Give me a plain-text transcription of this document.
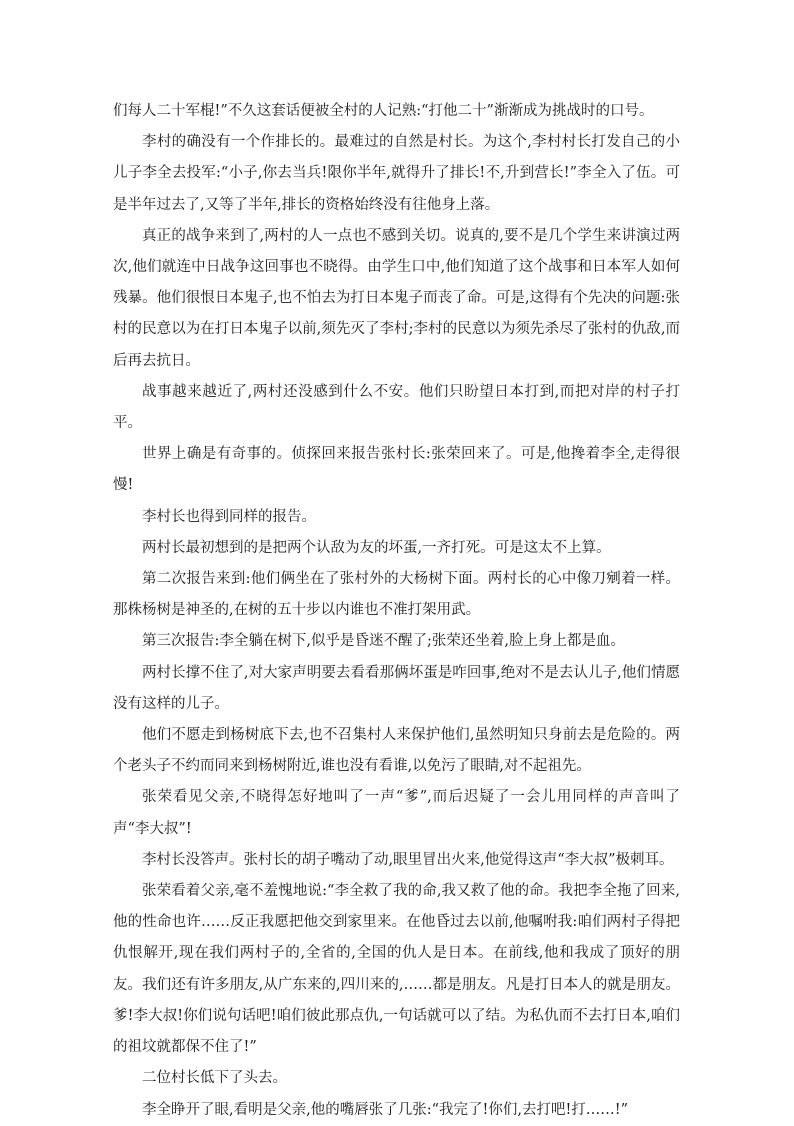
们每人二十军棍!”不久这套话便被全村的人记熟:“打他二十”渐渐成为挑战时的口号。

李村的确没有一个作排长的。最难过的自然是村长。为这个,李村村长打发自己的小儿子李全去投军:“小子,你去当兵!限你半年,就得升了排长!不,升到营长!”李全入了伍。可是半年过去了,又等了半年,排长的资格始终没有往他身上落。

真正的战争来到了,两村的人一点也不感到关切。说真的,要不是几个学生来讲演过两次,他们就连中日战争这回事也不晓得。由学生口中,他们知道了这个战事和日本军人如何残暴。他们很恨日本鬼子,也不怕去为打日本鬼子而丧了命。可是,这得有个先决的问题:张村的民意以为在打日本鬼子以前,须先灭了李村;李村的民意以为须先杀尽了张村的仇敌,而后再去抗日。

战事越来越近了,两村还没感到什么不安。他们只盼望日本打到,而把对岸的村子打平。

世界上确是有奇事的。侦探回来报告张村长:张荣回来了。可是,他搀着李全,走得很慢!

李村长也得到同样的报告。

两村长最初想到的是把两个认敌为友的坏蛋,一齐打死。可是这太不上算。

第二次报告来到:他们俩坐在了张村外的大杨树下面。两村长的心中像刀剜着一样。那株杨树是神圣的,在树的五十步以内谁也不准打架用武。

第三次报告:李全躺在树下,似乎是昏迷不醒了;张荣还坐着,脸上身上都是血。

两村长撑不住了,对大家声明要去看看那俩坏蛋是咋回事,绝对不是去认儿子,他们情愿没有这样的儿子。

他们不愿走到杨树底下去,也不召集村人来保护他们,虽然明知只身前去是危险的。两个老头子不约而同来到杨树附近,谁也没有看谁,以免污了眼睛,对不起祖先。

张荣看见父亲,不晓得怎好地叫了一声“爹”,而后迟疑了一会儿用同样的声音叫了声“李大叔”!

李村长没答声。张村长的胡子嘴动了动,眼里冒出火来,他觉得这声“李大叔”极刺耳。

张荣看着父亲,毫不羞愧地说:“李全救了我的命,我又救了他的命。我把李全拖了回来,他的性命也许……反正我愿把他交到家里来。在他昏过去以前,他嘱咐我:咱们两村子得把仇恨解开,现在我们两村子的,全省的,全国的仇人是日本。在前线,他和我成了顶好的朋友。我们还有许多朋友,从广东来的,四川来的,……都是朋友。凡是打日本人的就是朋友。爹!李大叔!你们说句话吧!咱们彼此那点仇,一句话就可以了结。为私仇而不去打日本,咱们的祖坟就都保不住了!”

二位村长低下了头去。

李全睁开了眼,看明是父亲,他的嘴唇张了几张:“我完了!你们,去打吧!打……!”
